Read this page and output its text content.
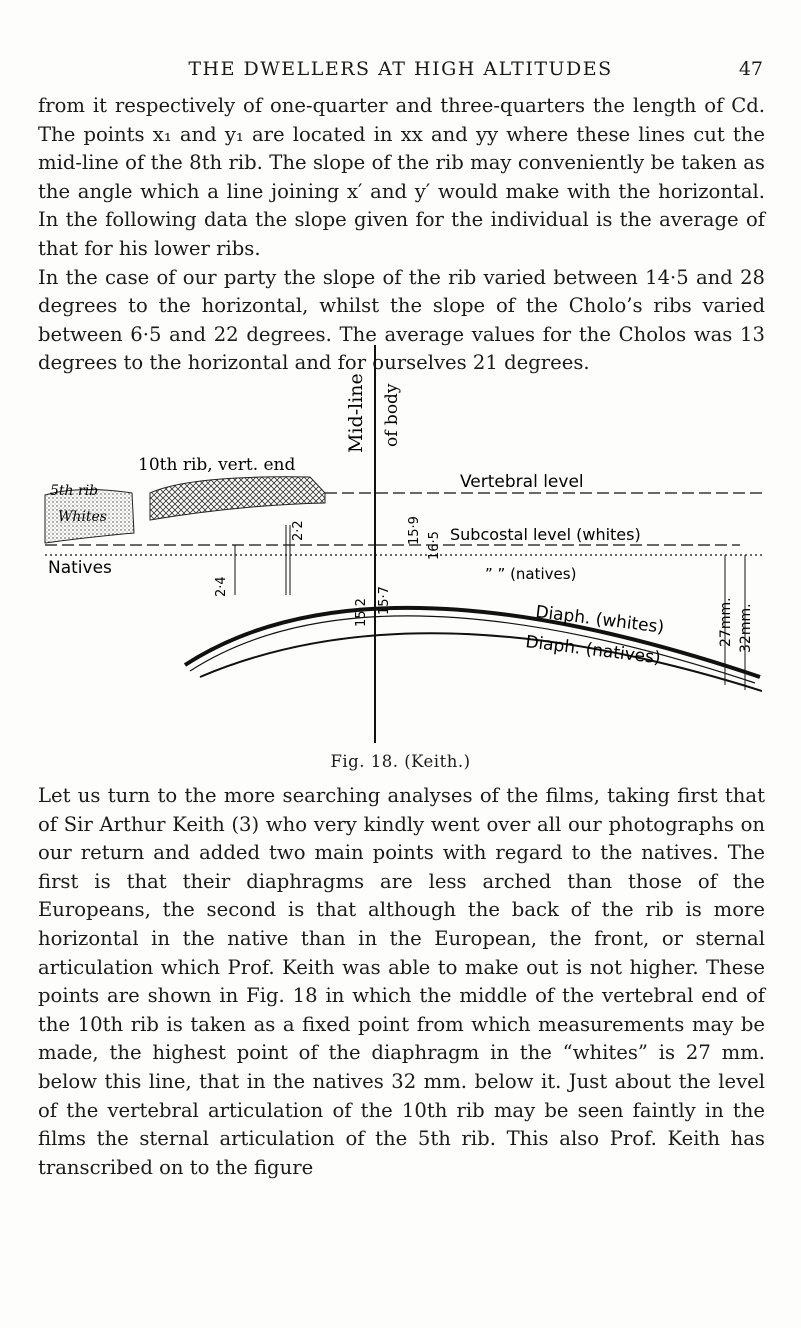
THE DWELLERS AT HIGH ALTITUDES	47

from it respectively of one-quarter and three-quarters the length of Cd. The points x₁ and y₁ are located in xx and yy where these lines cut the mid-line of the 8th rib. The slope of the rib may conveniently be taken as the angle which a line joining x′ and y′ would make with the horizontal. In the following data the slope given for the individual is the average of that for his lower ribs.

In the case of our party the slope of the rib varied between 14·5 and 28 degrees to the horizontal, whilst the slope of the Cholo’s ribs varied between 6·5 and 22 degrees. The average values for the Cholos was 13 degrees to the horizontal and for ourselves 21 degrees.

Mid-line of body
10th rib, vert. end
5th rib
Whites
Vertebral level
Subcostal level (whites)
Natives	” ” (natives)
2·2
2·4
15·2 15·7
15·9
16·5
27mm. 32mm.
Diaph. (whites)
Diaph. (natives)
Fig. 18. (Keith.)

Let us turn to the more searching analyses of the films, taking first that of Sir Arthur Keith (3) who very kindly went over all our photographs on our return and added two main points with regard to the natives. The first is that their diaphragms are less arched than those of the Europeans, the second is that although the back of the rib is more horizontal in the native than in the European, the front, or sternal articulation which Prof. Keith was able to make out is not higher. These points are shown in Fig. 18 in which the middle of the vertebral end of the 10th rib is taken as a fixed point from which measurements may be made, the highest point of the diaphragm in the “whites” is 27 mm. below this line, that in the natives 32 mm. below it. Just about the level of the vertebral articulation of the 10th rib may be seen faintly in the films the sternal articulation of the 5th rib. This also Prof. Keith has transcribed on to the figure
